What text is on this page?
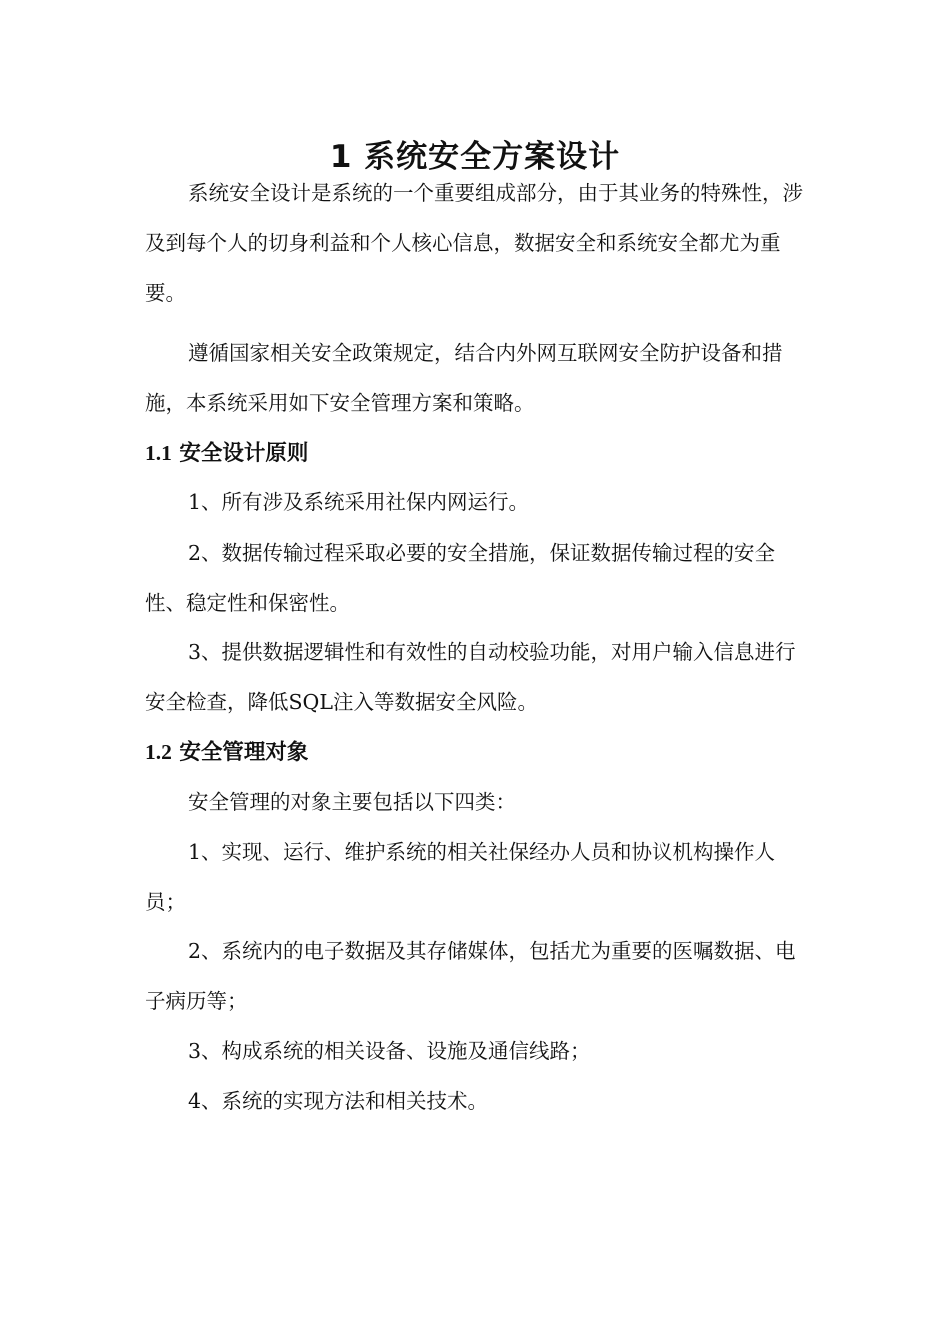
1 系统安全方案设计

系统安全设计是系统的一个重要组成部分，由于其业务的特殊性，涉及到每个人的切身利益和个人核心信息，数据安全和系统安全都尤为重要。

遵循国家相关安全政策规定，结合内外网互联网安全防护设备和措施，本系统采用如下安全管理方案和策略。

1.1 安全设计原则

1、所有涉及系统采用社保内网运行。

2、数据传输过程采取必要的安全措施，保证数据传输过程的安全性、稳定性和保密性。

3、提供数据逻辑性和有效性的自动校验功能，对用户输入信息进行安全检查，降低SQL注入等数据安全风险。

1.2 安全管理对象

安全管理的对象主要包括以下四类：

1、实现、运行、维护系统的相关社保经办人员和协议机构操作人员；

2、系统内的电子数据及其存储媒体，包括尤为重要的医嘱数据、电子病历等；

3、构成系统的相关设备、设施及通信线路；

4、系统的实现方法和相关技术。
